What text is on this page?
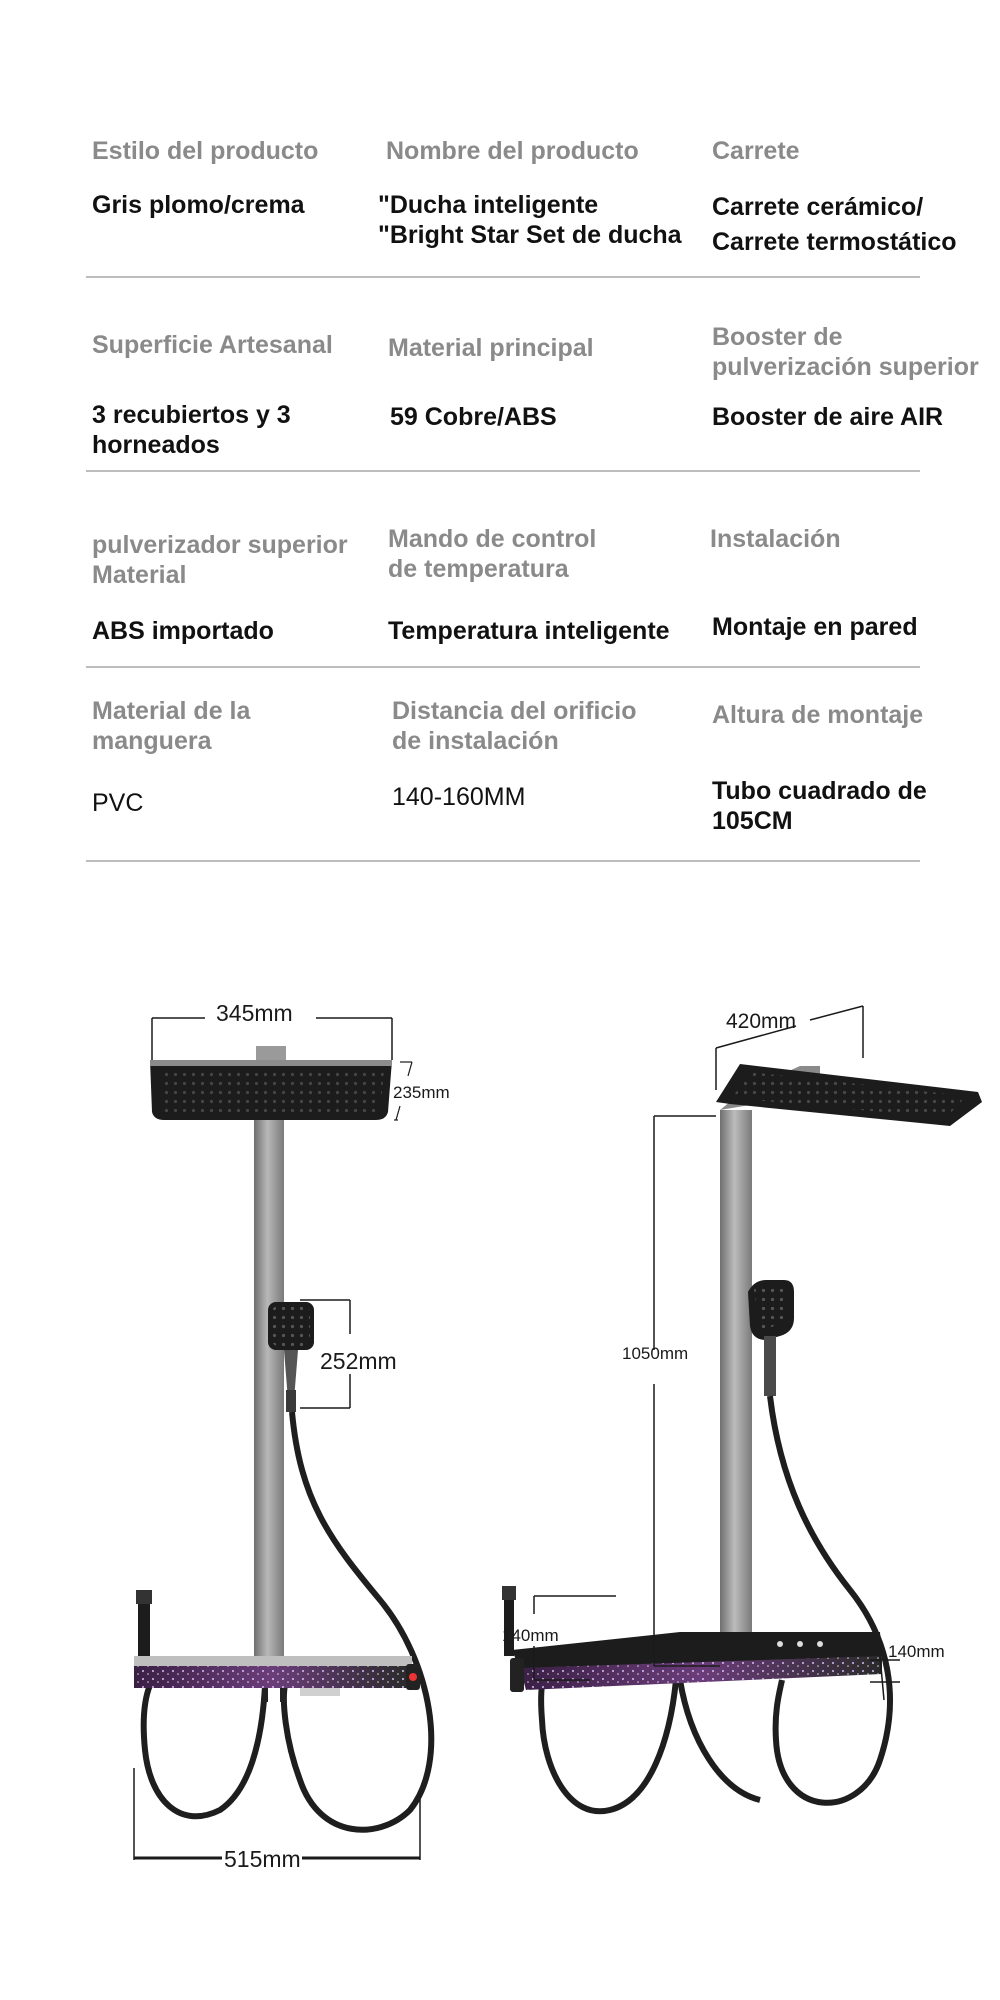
Estilo del producto
Gris plomo/crema
Nombre del producto
"Ducha inteligente
"Bright Star Set de ducha
Carrete
Carrete cerámico/
Carrete termostático
Superficie Artesanal
3 recubiertos y 3
horneados
Material principal
59 Cobre/ABS
Booster de
pulverización superior
Booster de aire AIR
pulverizador superior
Material
ABS importado
Mando de control
de temperatura
Temperatura inteligente
Instalación
Montaje en pared
Material de la
manguera
PVC
Distancia del orificio
de instalación
140-160MM
Altura de montaje
Tubo cuadrado de
105CM
345mm
235mm
252mm
515mm
420mm
1050mm
140mm
140mm
